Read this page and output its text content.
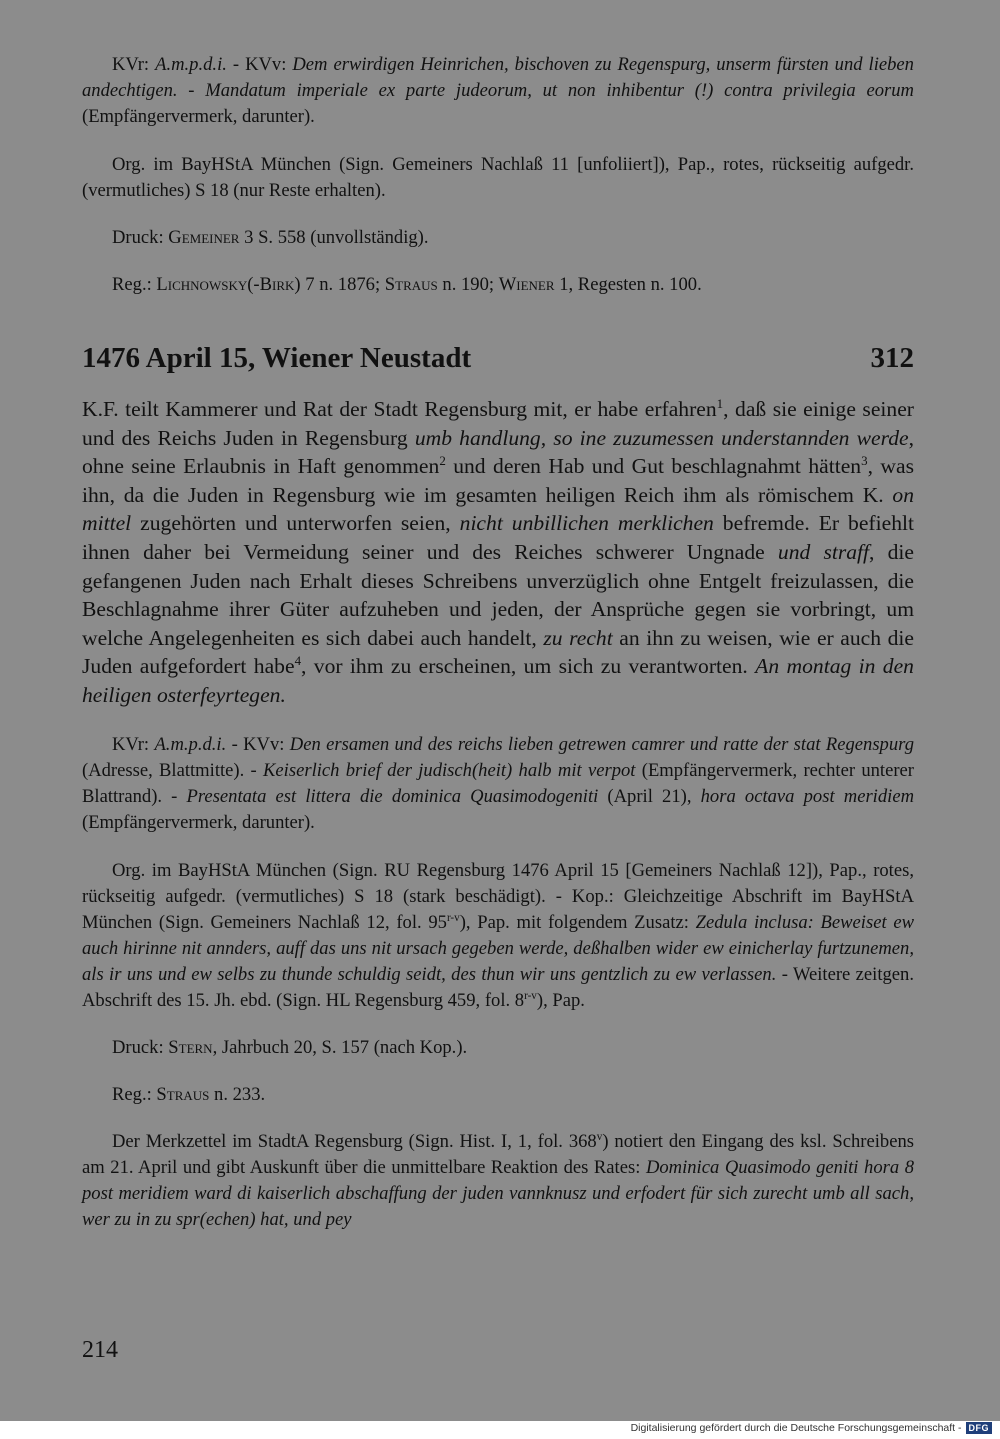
KVr: A.m.p.d.i. - KVv: Dem erwirdigen Heinrichen, bischoven zu Regenspurg, unserm fürsten und lieben andechtigen. - Mandatum imperiale ex parte judeorum, ut non inhibentur (!) contra privilegia eorum (Empfängervermerk, darunter).

Org. im BayHStA München (Sign. Gemeiners Nachlaß 11 [unfoliiert]), Pap., rotes, rückseitig aufgedr. (vermutliches) S 18 (nur Reste erhalten).

Druck: Gemeiner 3 S. 558 (unvollständig).

Reg.: Lichnowsky(-Birk) 7 n. 1876; Straus n. 190; Wiener 1, Regesten n. 100.

1476 April 15, Wiener Neustadt	312

K.F. teilt Kammerer und Rat der Stadt Regensburg mit, er habe erfahren$^1$, daß sie einige seiner und des Reichs Juden in Regensburg umb handlung, so ine zuzumessen understannden werde, ohne seine Erlaubnis in Haft genommen$^2$ und deren Hab und Gut beschlagnahmt hätten$^3$, was ihn, da die Juden in Regensburg wie im gesamten heiligen Reich ihm als römischem K. on mittel zugehörten und unterworfen seien, nicht unbillichen merklichen befremde. Er befiehlt ihnen daher bei Vermeidung seiner und des Reiches schwerer Ungnade und straff, die gefangenen Juden nach Erhalt dieses Schreibens unverzüglich ohne Entgelt freizulassen, die Beschlagnahme ihrer Güter aufzuheben und jeden, der Ansprüche gegen sie vorbringt, um welche Angelegenheiten es sich dabei auch handelt, zu recht an ihn zu weisen, wie er auch die Juden aufgefordert habe$^4$, vor ihm zu erscheinen, um sich zu verantworten. An montag in den heiligen osterfeyrtegen.

KVr: A.m.p.d.i. - KVv: Den ersamen und des reichs lieben getrewen camrer und ratte der stat Regenspurg (Adresse, Blattmitte). - Keiserlich brief der judisch(heit) halb mit verpot (Empfängervermerk, rechter unterer Blattrand). - Presentata est littera die dominica Quasimodogeniti (April 21), hora octava post meridiem (Empfängervermerk, darunter).

Org. im BayHStA München (Sign. RU Regensburg 1476 April 15 [Gemeiners Nachlaß 12]), Pap., rotes, rückseitig aufgedr. (vermutliches) S 18 (stark beschädigt). - Kop.: Gleichzeitige Abschrift im BayHStA München (Sign. Gemeiners Nachlaß 12, fol. 95$^{r-v}$), Pap. mit folgendem Zusatz: Zedula inclusa: Beweiset ew auch hirinne nit annders, auff das uns nit ursach gegeben werde, deßhalben wider ew einicherlay furtzunemen, als ir uns und ew selbs zu thunde schuldig seidt, des thun wir uns gentzlich zu ew verlassen. - Weitere zeitgen. Abschrift des 15. Jh. ebd. (Sign. HL Regensburg 459, fol. 8$^{r-v}$), Pap.

Druck: Stern, Jahrbuch 20, S. 157 (nach Kop.).

Reg.: Straus n. 233.

Der Merkzettel im StadtA Regensburg (Sign. Hist. I, 1, fol. 368$^v$) notiert den Eingang des ksl. Schreibens am 21. April und gibt Auskunft über die unmittelbare Reaktion des Rates: Dominica Quasimodo geniti hora 8 post meridiem ward di kaiserlich abschaffung der juden vannknusz und erfodert für sich zurecht umb all sach, wer zu in zu spr(echen) hat, und pey

214
Digitalisierung gefördert durch die Deutsche Forschungsgemeinschaft - DFG
